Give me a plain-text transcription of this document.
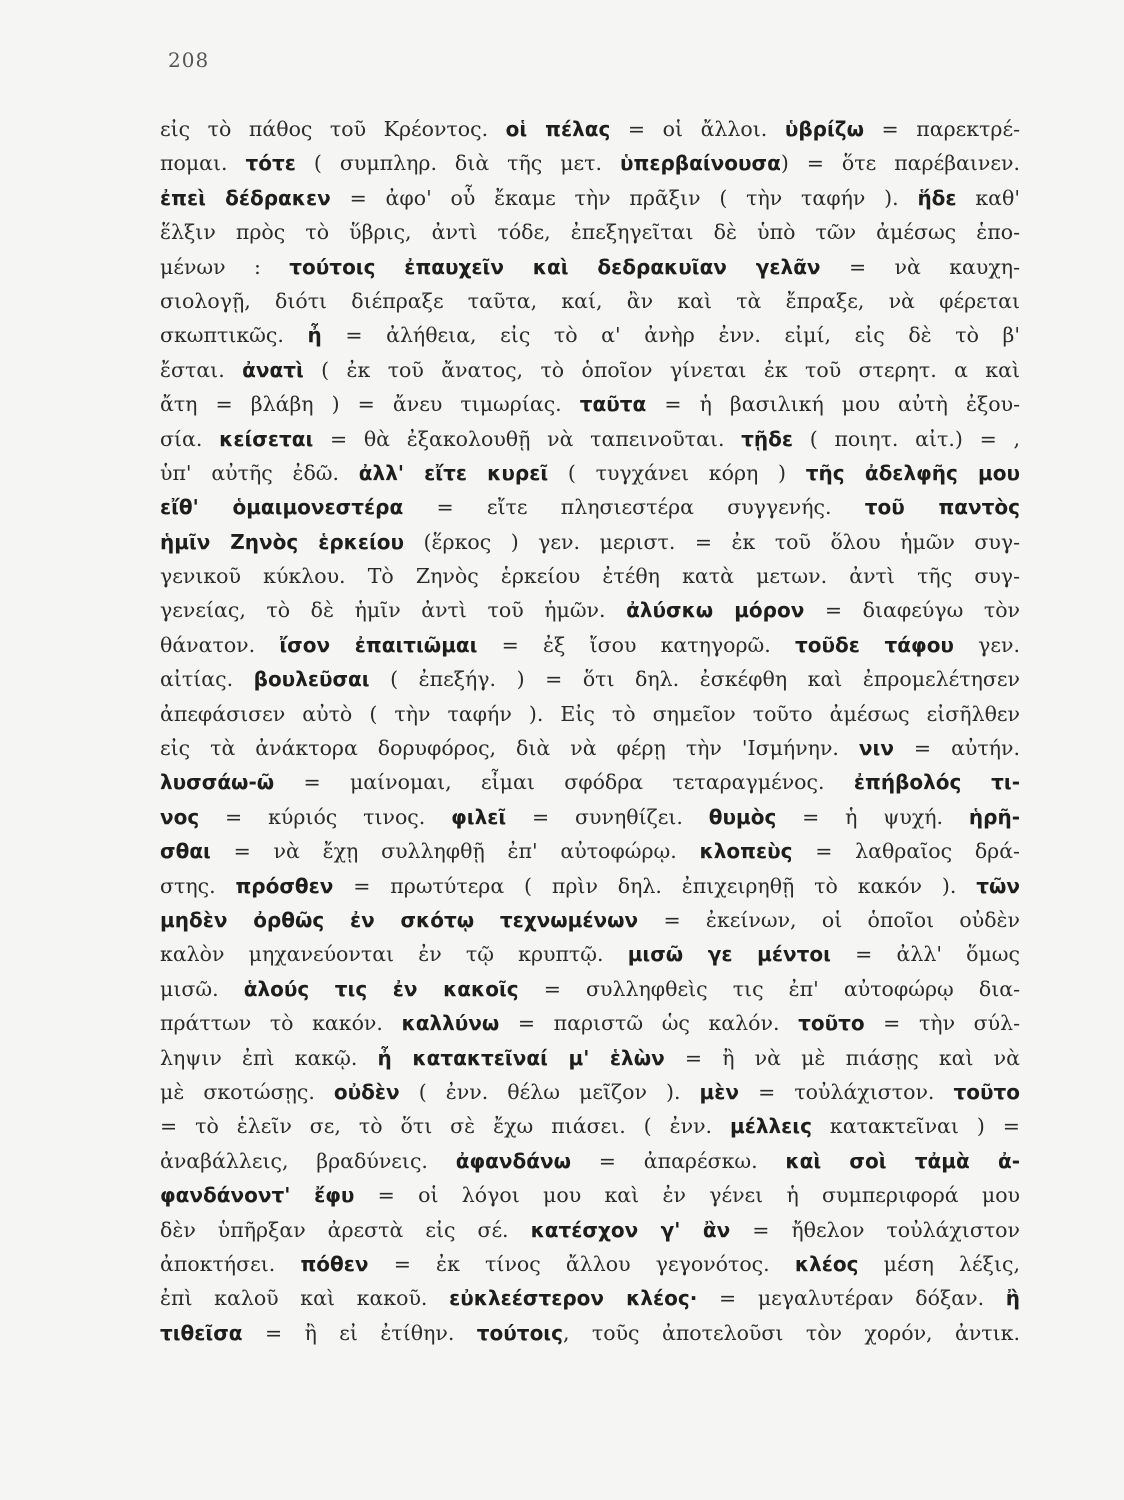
208
εἰς τὸ πάθος τοῦ Κρέοντος. οἱ πέλας = οἱ ἄλλοι. ὑβρίζω = παρεκτρέ-
πομαι. τότε ( συμπληρ. διὰ τῆς μετ. ὑπερβαίνουσα) = ὅτε παρέβαινεν.
ἐπεὶ δέδρακεν = ἀφο' οὗ ἔκαμε τὴν πρᾶξιν ( τὴν ταφήν ). ἥδε καθ'
ἕλξιν πρὸς τὸ ὕβρις, ἀντὶ τόδε, ἐπεξηγεῖται δὲ ὑπὸ τῶν ἀμέσως ἑπο-
μένων : τούτοις ἐπαυχεῖν καὶ δεδρακυῖαν γελᾶν = νὰ καυχη-
σιολογῇ, διότι διέπραξε ταῦτα, καί, ἂν καὶ τὰ ἔπραξε, νὰ φέρεται
σκωπτικῶς. ἦ = ἀλήθεια, εἰς τὸ α' ἀνὴρ ἐνν. εἰμί, εἰς δὲ τὸ β'
ἔσται. ἀνατὶ ( ἐκ τοῦ ἄνατος, τὸ ὁποῖον γίνεται ἐκ τοῦ στερητ. α καὶ
ἄτη = βλάβη ) = ἄνευ τιμωρίας. ταῦτα = ἡ βασιλική μου αὐτὴ ἐξου-
σία. κείσεται = θὰ ἐξακολουθῇ νὰ ταπεινοῦται. τῇδε ( ποιητ. αἰτ.) = ,
ὑπ' αὐτῆς ἐδῶ. ἀλλ' εἴτε κυρεῖ ( τυγχάνει κόρη ) τῆς ἀδελφῆς μου
εἴθ' ὁμαιμονεστέρα = εἴτε πλησιεστέρα συγγενής. τοῦ παντὸς
ἡμῖν Ζηνὸς ἑρκείου (ἕρκος ) γεν. μεριστ. = ἐκ τοῦ ὅλου ἡμῶν συγ-
γενικοῦ κύκλου. Τὸ Ζηνὸς ἑρκείου ἐτέθη κατὰ μετων. ἀντὶ τῆς συγ-
γενείας, τὸ δὲ ἡμῖν ἀντὶ τοῦ ἡμῶν. ἀλύσκω μόρον = διαφεύγω τὸν
θάνατον. ἴσον ἐπαιτιῶμαι = ἐξ ἴσου κατηγορῶ. τοῦδε τάφου γεν.
αἰτίας. βουλεῦσαι ( ἐπεξήγ. ) = ὅτι δηλ. ἐσκέφθη καὶ ἐπρομελέτησεν
ἀπεφάσισεν αὐτὸ ( τὴν ταφήν ). Εἰς τὸ σημεῖον τοῦτο ἀμέσως εἰσῆλθεν
εἰς τὰ ἀνάκτορα δορυφόρος, διὰ νὰ φέρῃ τὴν 'Ισμήνην. νιν = αὐτήν.
λυσσάω-ῶ = μαίνομαι, εἶμαι σφόδρα τεταραγμένος. ἐπήβολός τι-
νος = κύριός τινος. φιλεῖ = συνηθίζει. θυμὸς = ἡ ψυχή. ἡρῆ-
σθαι = νὰ ἔχῃ συλληφθῇ ἐπ' αὐτοφώρῳ. κλοπεὺς = λαθραῖος δρά-
στης. πρόσθεν = πρωτύτερα ( πρὶν δηλ. ἐπιχειρηθῇ τὸ κακόν ). τῶν
μηδὲν ὀρθῶς ἐν σκότῳ τεχνωμένων = ἐκείνων, οἱ ὁποῖοι οὐδὲν
καλὸν μηχανεύονται ἐν τῷ κρυπτῷ. μισῶ γε μέντοι = ἀλλ' ὅμως
μισῶ. ἁλούς τις ἐν κακοῖς = συλληφθεὶς τις ἐπ' αὐτοφώρῳ δια-
πράττων τὸ κακόν. καλλύνω = παριστῶ ὡς καλόν. τοῦτο = τὴν σύλ-
ληψιν ἐπὶ κακῷ. ἦ κατακτεῖναί μ' ἑλὼν = ἢ νὰ μὲ πιάσῃς καὶ νὰ
μὲ σκοτώσῃς. οὐδὲν ( ἐνν. θέλω μεῖζον ). μὲν = τοὐλάχιστον. τοῦτο
= τὸ ἑλεῖν σε, τὸ ὅτι σὲ ἔχω πιάσει. ( ἐνν. μέλλεις κατακτεῖναι ) =
ἀναβάλλεις, βραδύνεις. ἀφανδάνω = ἀπαρέσκω. καὶ σοὶ τἀμὰ ἀ-
φανδάνοντ' ἔφυ = οἱ λόγοι μου καὶ ἐν γένει ἡ συμπεριφορά μου
δὲν ὑπῆρξαν ἀρεστὰ εἰς σέ. κατέσχον γ' ἂν = ἤθελον τοὐλάχιστον
ἀποκτήσει. πόθεν = ἐκ τίνος ἄλλου γεγονότος. κλέος μέση λέξις,
ἐπὶ καλοῦ καὶ κακοῦ. εὐκλεέστερον κλέος· = μεγαλυτέραν δόξαν. ἢ
τιθεῖσα = ἢ εἰ ἐτίθην. τούτοις, τοῦς ἀποτελοῦσι τὸν χορόν, ἀντικ.
